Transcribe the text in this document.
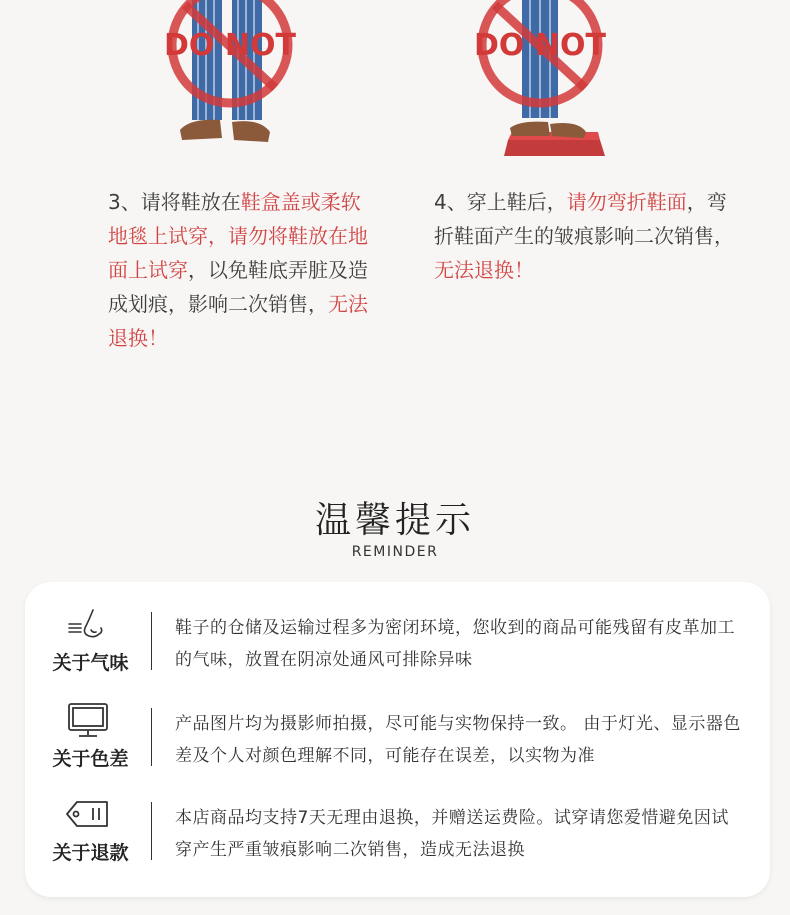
DO NOT	DO NOT
3、请将鞋放在鞋盒盖或柔软地毯上试穿，请勿将鞋放在地面上试穿，以免鞋底弄脏及造成划痕，影响二次销售，无法退换！
4、穿上鞋后，请勿弯折鞋面，弯折鞋面产生的皱痕影响二次销售，无法退换！
温馨提示
REMINDER
关于气味
鞋子的仓储及运输过程多为密闭环境，您收到的商品可能残留有皮革加工的气味，放置在阴凉处通风可排除异味
关于色差
产品图片均为摄影师拍摄，尽可能与实物保持一致。 由于灯光、显示器色差及个人对颜色理解不同，可能存在误差，以实物为准
关于退款
本店商品均支持7天无理由退换，并赠送运费险。试穿请您爱惜避免因试穿产生严重皱痕影响二次销售，造成无法退换
